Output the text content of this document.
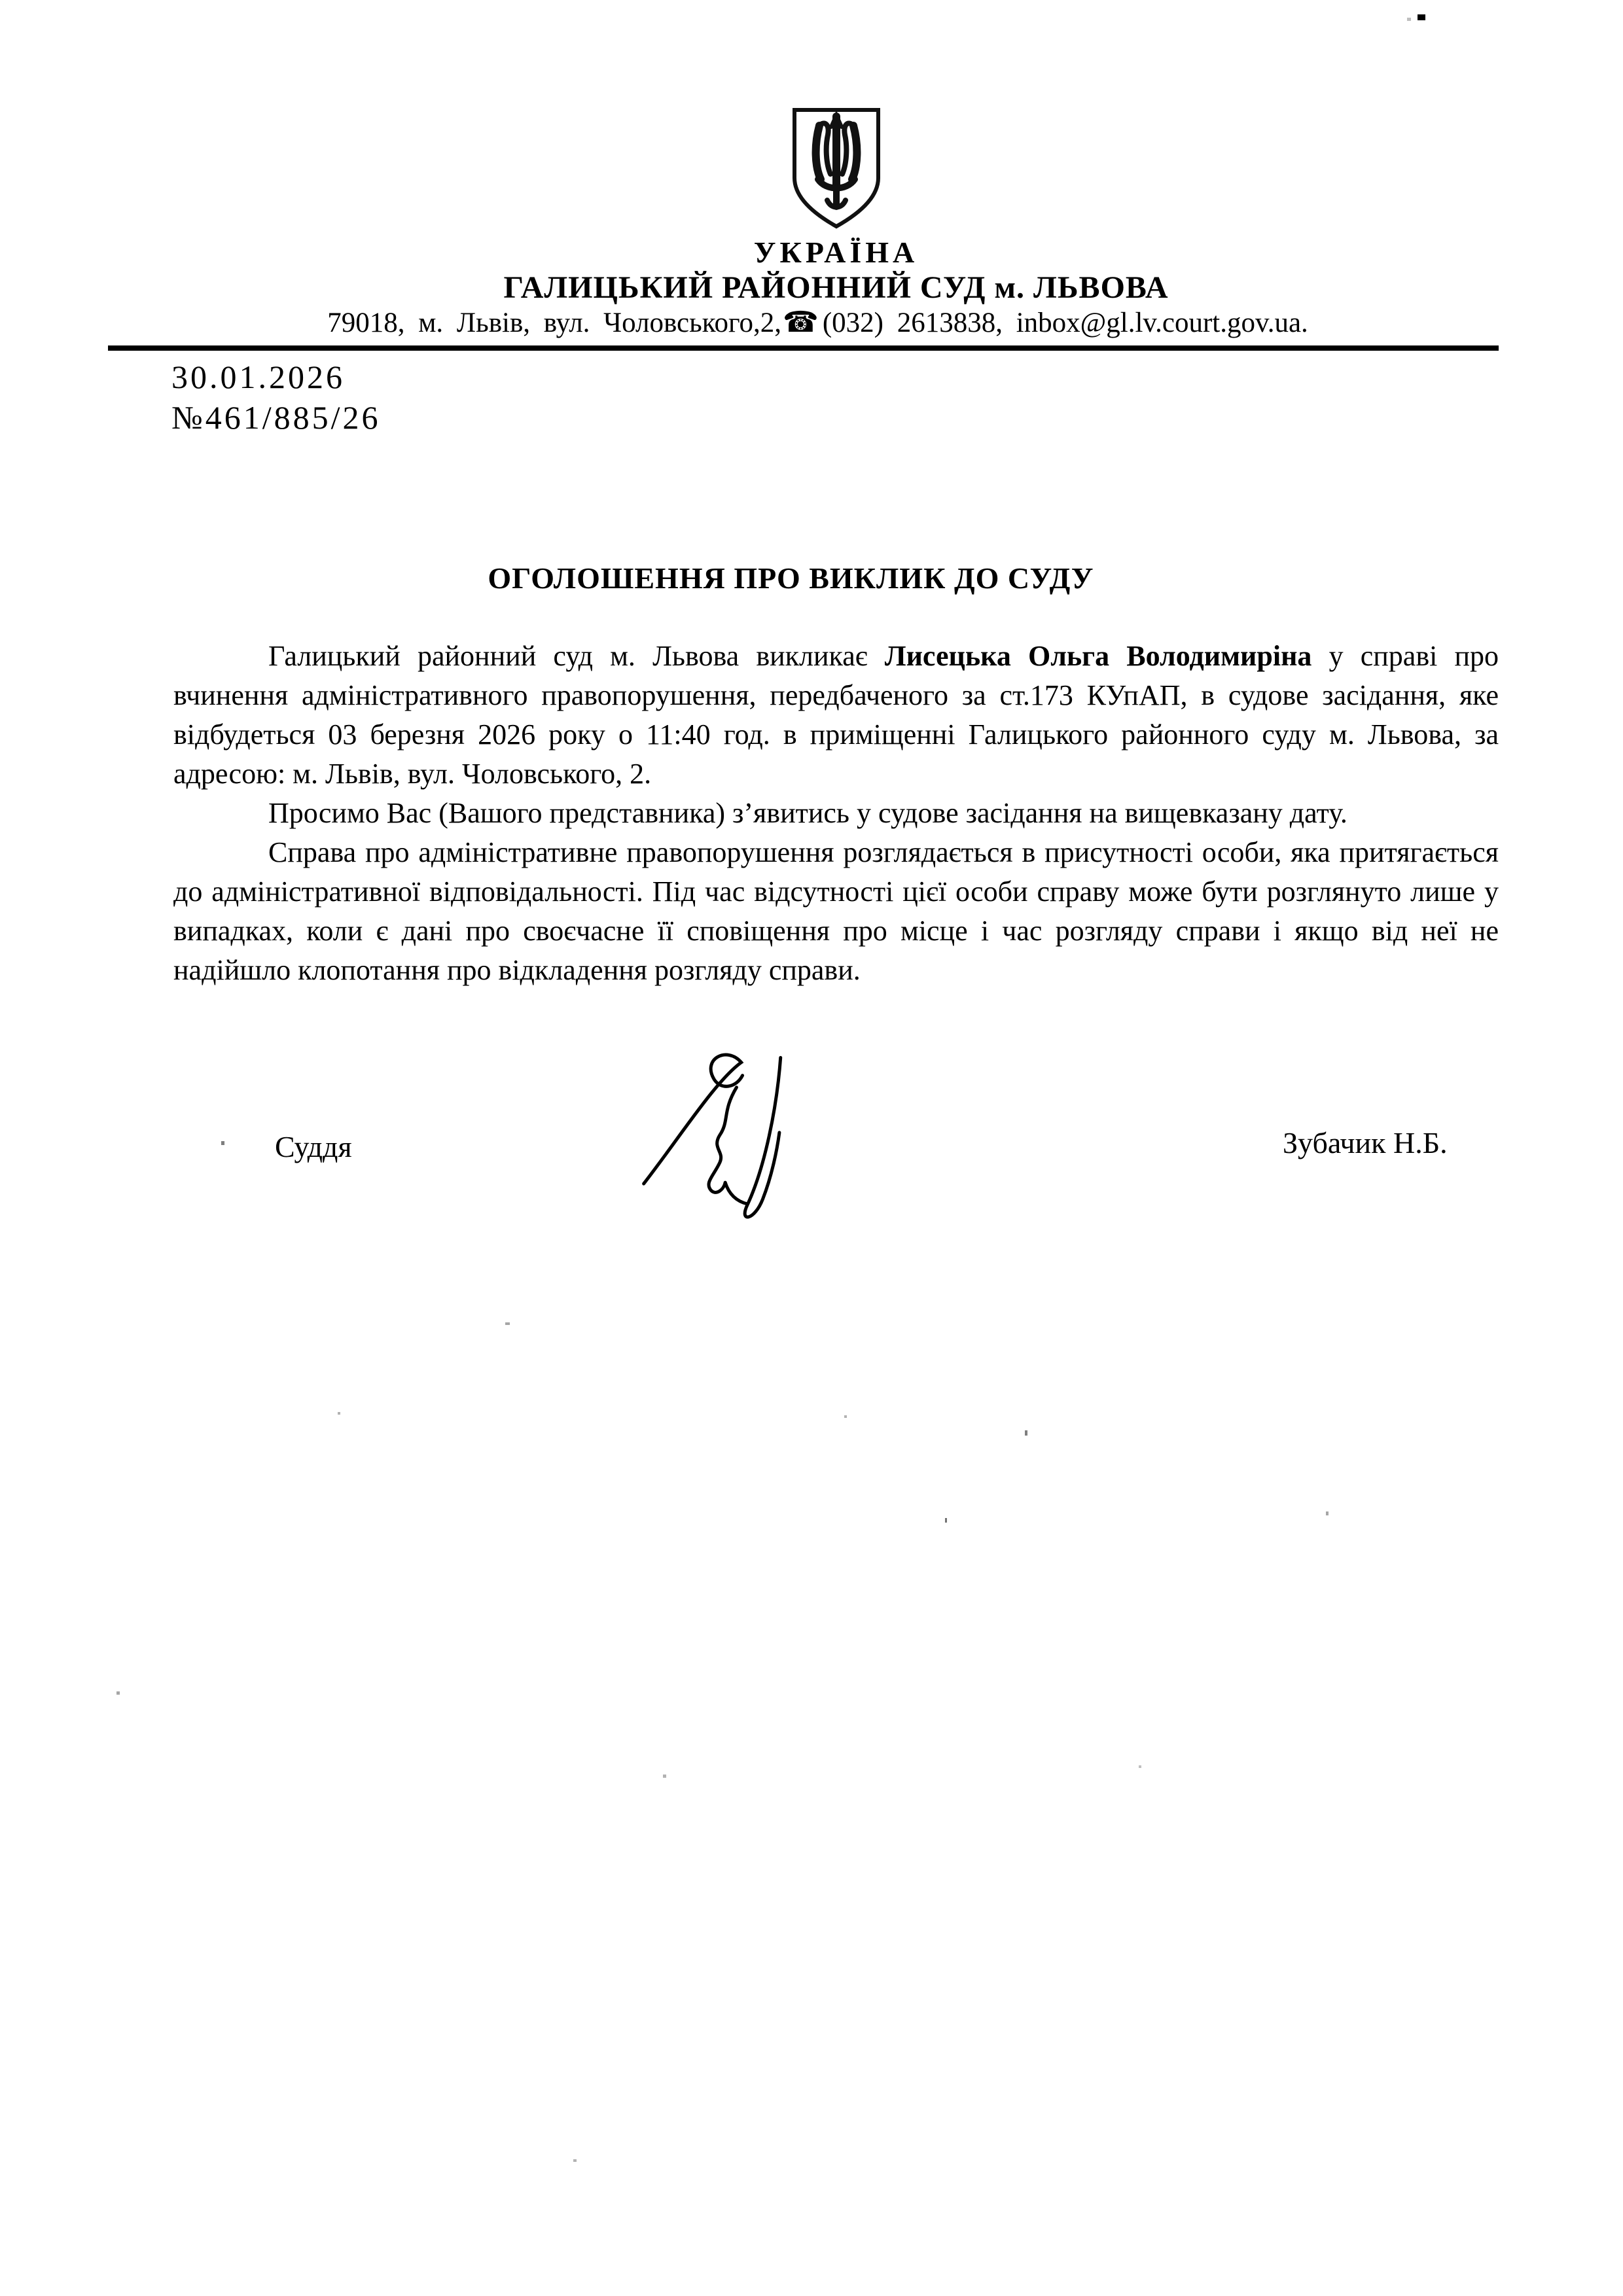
УКРАЇНА
ГАЛИЦЬКИЙ РАЙОННИЙ СУД м. ЛЬВОВА
79018, м. Львів, вул. Чоловського,2,☎ (032) 2613838, inbox@gl.lv.court.gov.ua.
30.01.2026
№461/885/26
ОГОЛОШЕННЯ ПРО ВИКЛИК ДО СУДУ

Галицький районний суд м. Львова викликає Лисецька Ольга Володимиріна у справі про вчинення адміністративного правопорушення, передбаченого за ст.173 КУпАП, в судове засідання, яке відбудеться 03 березня 2026 року о 11:40 год. в приміщенні Галицького районного суду м. Львова, за адресою: м. Львів, вул. Чоловського, 2.

Просимо Вас (Вашого представника) з’явитись у судове засідання на вищевказану дату.

Справа про адміністративне правопорушення розглядається в присутності особи, яка притягається до адміністративної відповідальності. Під час відсутності цієї особи справу може бути розглянуто лише у випадках, коли є дані про своєчасне її сповіщення про місце і час розгляду справи і якщо від неї не надійшло клопотання про відкладення розгляду справи.

Суддя	Зубачик Н.Б.
